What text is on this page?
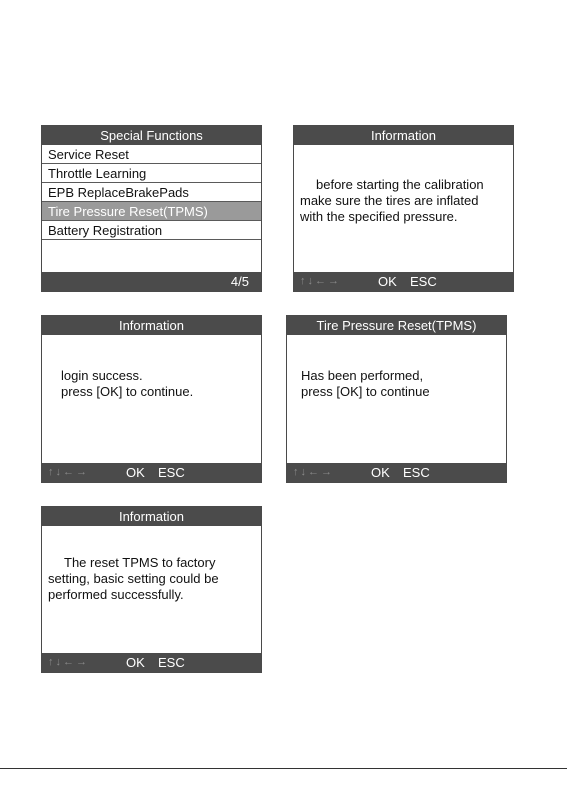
Special Functions
Service Reset
Throttle Learning
EPB ReplaceBrakePads
Tire Pressure Reset(TPMS)
Battery Registration
4/5
Information
before starting the calibration
make sure the tires are inflated
with the specified pressure.
↑↓←→	OK ESC
Information
login success.
press [OK] to continue.
↑↓←→	OK ESC
Tire Pressure Reset(TPMS)
Has been performed,
press [OK] to continue
↑↓←→	OK ESC
Information
The reset TPMS to factory
setting, basic setting could be
performed successfully.
↑↓←→	OK ESC
